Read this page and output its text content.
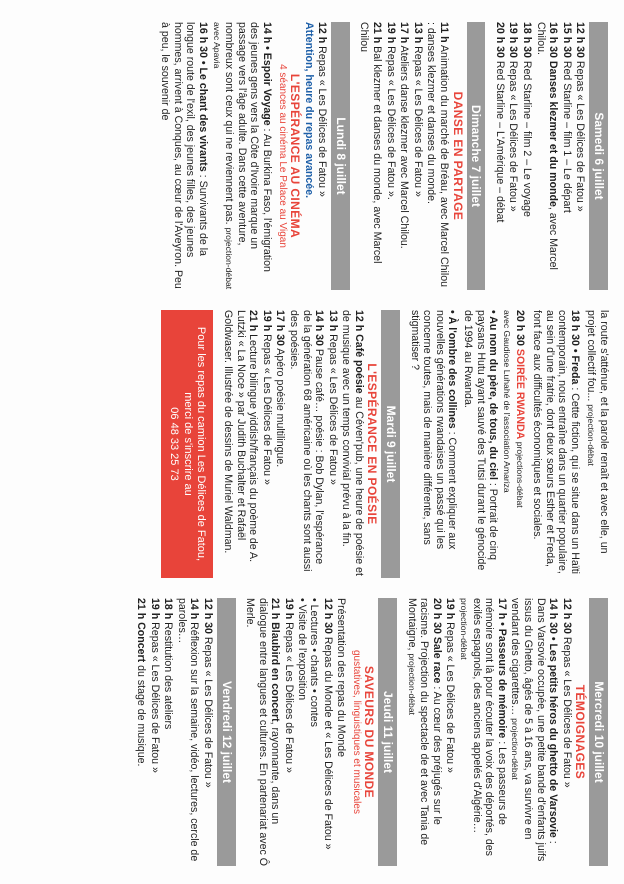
Samedi 6 juillet
12 h 30 Repas « Les Délices de Fatou »
15 h 30 Red Starline – film 1 – Le départ
16 h 30 Danses klezmer et du monde, avec Marcel Chilou.
18 h 30 Red Starline – film 2 – Le voyage
19 h 30 Repas « Les Délices de Fatou »
20 h 30 Red Starline – L'Amérique – débat
Dimanche 7 juillet
DANSE EN PARTAGE
11 h Animation du marché de Bréau, avec Marcel Chilou : danses klezmer et danses du monde.
13 h Repas « Les Délices de Fatou »
17 h Ateliers danse klezmer avec Marcel Chilou.
19 h Repas « Les Délices de Fatou ».
21 h Bal klezmer et danses du monde, avec Marcel Chilou
Lundi 8 juillet
12 h Repas « Les Délices de Fatou »
Attention, heure du repas avancée.
L'ESPÉRANCE AU CINÉMA
4 séances au cinéma Le Palace au Vigan
14 h • Espoir Voyage : Au Burkina Faso, l'émigration des jeunes gens vers la Côte d'Ivoire marque un passage vers l'âge adulte. Dans cette aventure, nombreux sont ceux qui ne reviennent pas. projection-débat avec Apavia
16 h 30 • Le chant des vivants : Survivants de la longue route de l'exil, des jeunes filles, des jeunes hommes, arrivent à Conques, au cœur de l'Aveyron. Peu à peu, le souvenir de
la route s'atténue, et la parole renaît et avec elle, un projet collectif fou... projection-débat
18 h 30 • Freda : Cette fiction, qui se situe dans un Haïti contemporain, nous entraîne dans un quartier populaire, au sein d'une fratrie, dont deux sœurs Esther et Freda, font face aux difficultés économiques et sociales.
20 h 30 SOIRÉE RWANDA projections-débat
avec Gaudiose Luhahé de l'association Amariza
• Au nom du père, de tous, du ciel : Portrait de cinq paysans Hutu ayant sauvé des Tutsi durant le génocide de 1994 au Rwanda.
• À l'ombre des collines : Comment expliquer aux nouvelles générations rwandaises un passé qui les concerne toutes, mais de manière différente, sans stigmatiser ?
Mardi 9 juillet
L'ESPÉRANCE EN POÉSIE
12 h Café poésie au Céven'pub, une heure de poésie et de musique avec un temps convivial prévu à la fin.
13 h Repas « Les Délices de Fatou »
14 h 30 Pause café… poésie : Bob Dylan, l'espérance de la génération 68 américaine où les chants sont aussi des poésies.
17 h 30 Apéro poésie multilingue.
19 h Repas « Les Délices de Fatou »
21 h Lecture bilingue yiddish/français du poème de A. Lutzki « La Noce » par Judith Buchalter et Rafaël Goldwaser. Illustrée de dessins de Muriel Waldman.
Pour les repas du camion Les Délices de Fatou, merci de s'inscrire au
06 48 33 25 73
Mercredi 10 juillet
TÉMOIGNAGES
12 h 30 Repas « Les Délices de Fatou »
14 h 30 • Les petits héros du ghetto de Varsovie : Dans Varsovie occupée, une petite bande d'enfants juifs issus du Ghetto, âgés de 5 à 16 ans, va survivre en vendant des cigarettes… projection-débat
17 h • Passeurs de mémoire : Les passeurs de mémoire sont là pour écouter la voix des déportés, des exilés espagnols, des anciens appelés d'Algérie… projection-débat
19 h Repas « Les Délices de Fatou »
20 h 30 Sale race : Au cœur des préjugés sur le racisme. Projection du spectacle de et avec Tania de Montaigne, projection-débat
Jeudi 11 juillet
SAVEURS DU MONDE
gustatives, linguistiques et musicales
Présentation des repas du Monde
12 h 30 Repas du Monde et « Les Délices de Fatou »
• Lectures • chants • contes
• Visite de l'exposition
19 h Repas « Les Délices de Fatou »
21 h Blaubird en concert, rayonnante, dans un dialogue entre langues et cultures. En partenariat avec Ô Merle.
Vendredi 12 juillet
12 h 30 Repas « Les Délices de Fatou »
14 h Réflexion sur la semaine, vidéo, lectures, cercle de paroles…
18 h Restitution des ateliers
19 h Repas « Les Délices de Fatou »
21 h Concert du stage de musique.
